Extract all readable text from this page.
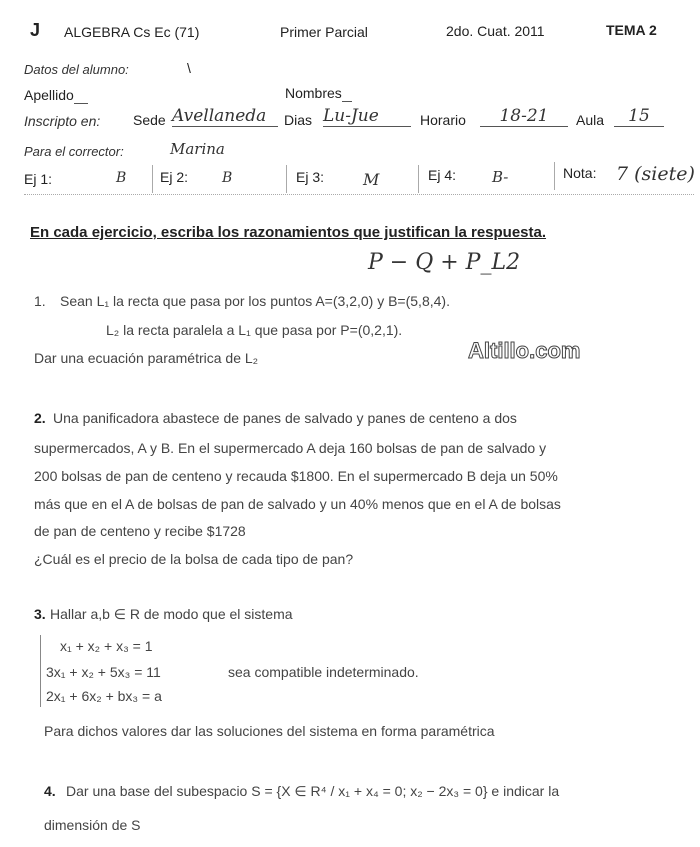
J ALGEBRA Cs Ec (71)	Primer Parcial	2do. Cuat. 2011	TEMA 2
Datos del alumno:	\
Apellido	Nombres
Inscripto en: Sede Avellaneda	Dias Lu-Jue	Horario	18-21	Aula	15
Para el corrector:	Marina
Ej 1:	B Ej 2: B	Ej 3: M	Ej 4: B-	Nota: 7 (siete)
En cada ejercicio, escriba los razonamientos que justifican la respuesta.
P − Q + P_L2
1. Sean L₁ la recta que pasa por los puntos A=(3,2,0) y B=(5,8,4).
L₂ la recta paralela a L₁ que pasa por P=(0,2,1).
Dar una ecuación paramétrica de L₂	Altillo.com
2. Una panificadora abastece de panes de salvado y panes de centeno a dos
supermercados, A y B. En el supermercado A deja 160 bolsas de pan de salvado y
200 bolsas de pan de centeno y recauda $1800. En el supermercado B deja un 50%
más que en el A de bolsas de pan de salvado y un 40% menos que en el A de bolsas
de pan de centeno y recibe $1728
¿Cuál es el precio de la bolsa de cada tipo de pan?
3. Hallar a,b ∈ R de modo que el sistema
x₁ + x₂ + x₃ = 1
3x₁ + x₂ + 5x₃ = 11	sea compatible indeterminado.
2x₁ + 6x₂ + bx₃ = a
Para dichos valores dar las soluciones del sistema en forma paramétrica
4. Dar una base del subespacio S = {X ∈ R⁴ / x₁ + x₄ = 0; x₂ − 2x₃ = 0} e indicar la
dimensión de S
